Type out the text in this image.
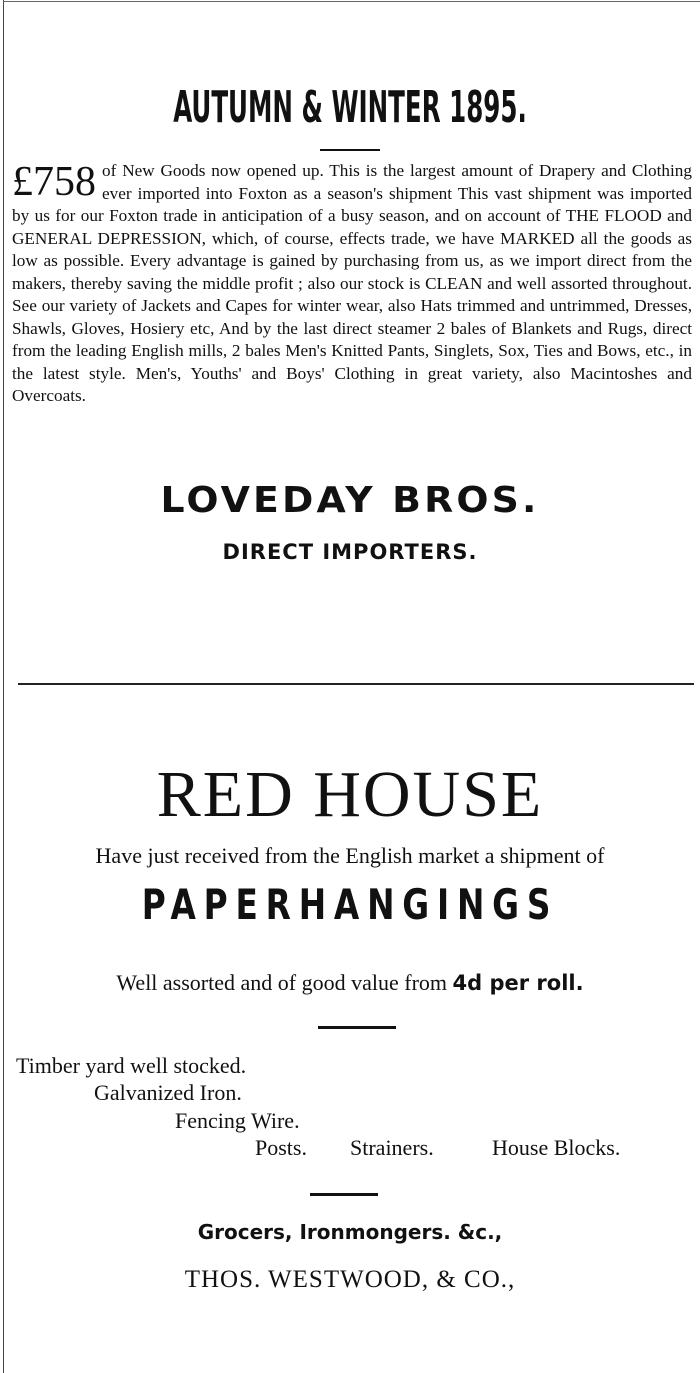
AUTUMN & WINTER 1895.
£758 of New Goods now opened up. This is the largest amount of Drapery and Clothing ever imported into Foxton as a season's shipment This vast shipment was imported by us for our Foxton trade in anticipation of a busy season, and on account of THE FLOOD and GENERAL DEPRESSION, which, of course, effects trade, we have MARKED all the goods as low as possible. Every advantage is gained by purchasing from us, as we import direct from the makers, thereby saving the middle profit ; also our stock is CLEAN and well assorted throughout. See our variety of Jackets and Capes for winter wear, also Hats trimmed and untrimmed, Dresses, Shawls, Gloves, Hosiery etc, And by the last direct steamer 2 bales of Blankets and Rugs, direct from the leading English mills, 2 bales Men's Knitted Pants, Singlets, Sox, Ties and Bows, etc., in the latest style. Men's, Youths' and Boys' Clothing in great variety, also Macintoshes and Overcoats.
LOVEDAY BROS.
DIRECT IMPORTERS.
RED HOUSE
Have just received from the English market a shipment of
PAPERHANGINGS
Well assorted and of good value from 4d per roll.
Timber yard well stocked.
Galvanized Iron.
Fencing Wire.
Posts. Strainers.	House Blocks.
Grocers, Ironmongers. &c.,
THOS. WESTWOOD, & CO.,
